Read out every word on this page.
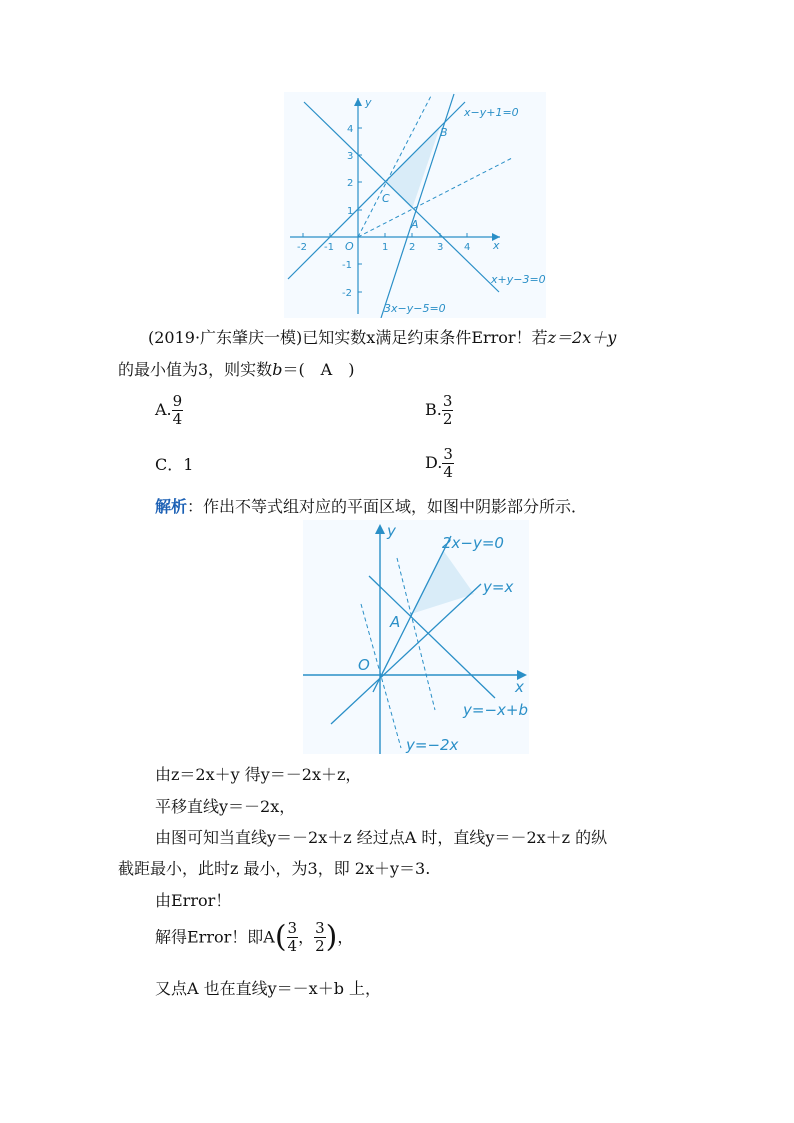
y
x
O
B
C
A
x−y+1=0
x+y−3=0
3x−y−5=0
-2 -1	1 2 3 4
4
3
2
1
-1
-2
(2019·广东肇庆一模)已知实数x满足约束条件Error！若z＝2x＋y
的最小值为3，则实数b＝(　A　)
A. $\frac{9}{4}$	B. $\frac{3}{2}$
C．1	D. $\frac{3}{4}$
解析：作出不等式组对应的平面区域，如图中阴影部分所示．
y
x
O
A
2x−y=0
y=x
y=−x+b
y=−2x
由z＝2x＋y 得y＝－2x＋z，
平移直线y＝－2x，
由图可知当直线y＝－2x＋z 经过点A 时，直线y＝－2x＋z 的纵
截距最小，此时z 最小，为3，即 2x＋y＝3.
由Error！
解得Error！即$A( \frac{3}{4}$ ， $\frac{3}{2}$ )，
又点A 也在直线y＝－x＋b 上，
